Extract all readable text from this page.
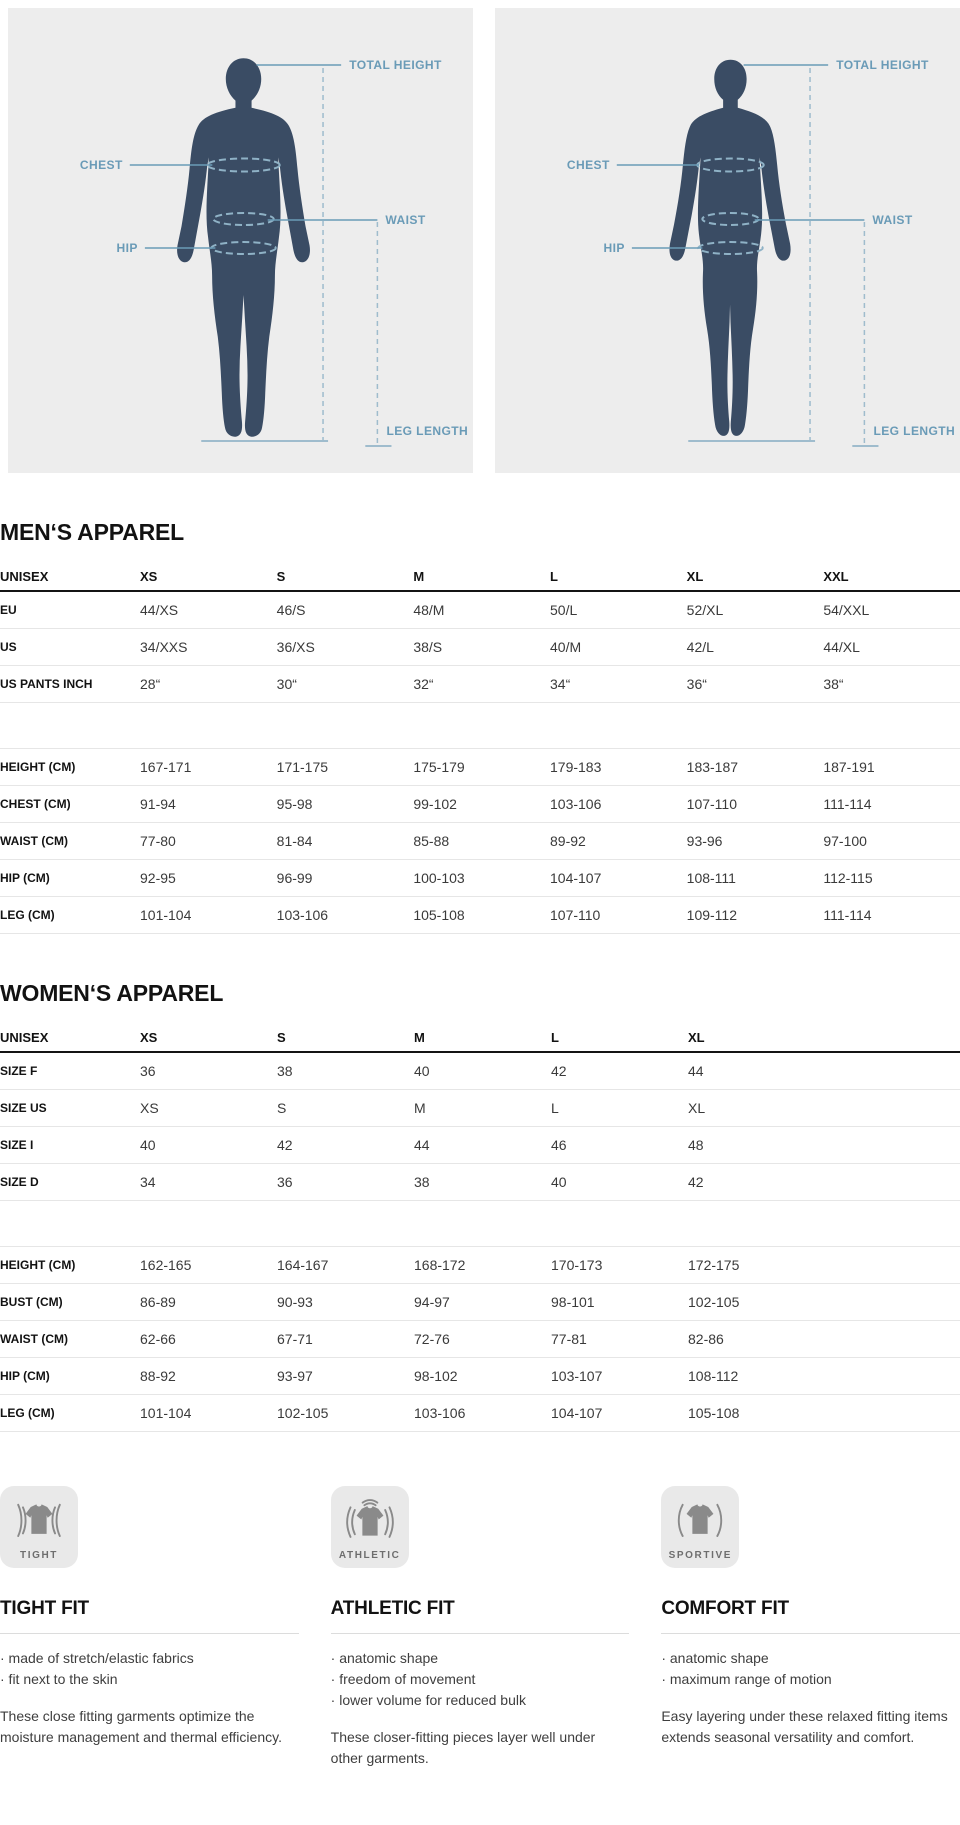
TOTAL HEIGHT
CHEST
WAIST
HIP
LEG LENGTH
TOTAL HEIGHT
CHEST
WAIST
HIP
LEG LENGTH
MEN‘S APPAREL
UNISEX	XS	S	M	L	XL	XXL
EU	44/XS	46/S	48/M	50/L	52/XL	54/XXL
US	34/XXS	36/XS	38/S	40/M	42/L	44/XL
US PANTS INCH	28“	30“	32“	34“	36“	38“
HEIGHT (CM)	167-171	171-175	175-179	179-183	183-187	187-191
CHEST (CM)	91-94	95-98	99-102	103-106	107-110	111-114
WAIST (CM)	77-80	81-84	85-88	89-92	93-96	97-100
HIP (CM)	92-95	96-99	100-103	104-107	108-111	112-115
LEG (CM)	101-104	103-106	105-108	107-110	109-112	111-114
WOMEN‘S APPAREL
UNISEX	XS	S	M	L	XL
SIZE F	36	38	40	42	44
SIZE US	XS	S	M	L	XL
SIZE I	40	42	44	46	48
SIZE D	34	36	38	40	42
HEIGHT (CM)	162-165	164-167	168-172	170-173	172-175
BUST (CM)	86-89	90-93	94-97	98-101	102-105
WAIST (CM)	62-66	67-71	72-76	77-81	82-86
HIP (CM)	88-92	93-97	98-102	103-107	108-112
LEG (CM)	101-104	102-105	103-106	104-107	105-108
TIGHT
TIGHT FIT
· made of stretch/elastic fabrics
· fit next to the skin
These close fitting garments optimize the moisture management and thermal efficiency.
ATHLETIC
ATHLETIC FIT
· anatomic shape
· freedom of movement
· lower volume for reduced bulk
These closer-fitting pieces layer well under other garments.
SPORTIVE
COMFORT FIT
· anatomic shape
· maximum range of motion
Easy layering under these relaxed fitting items extends seasonal versatility and comfort.
